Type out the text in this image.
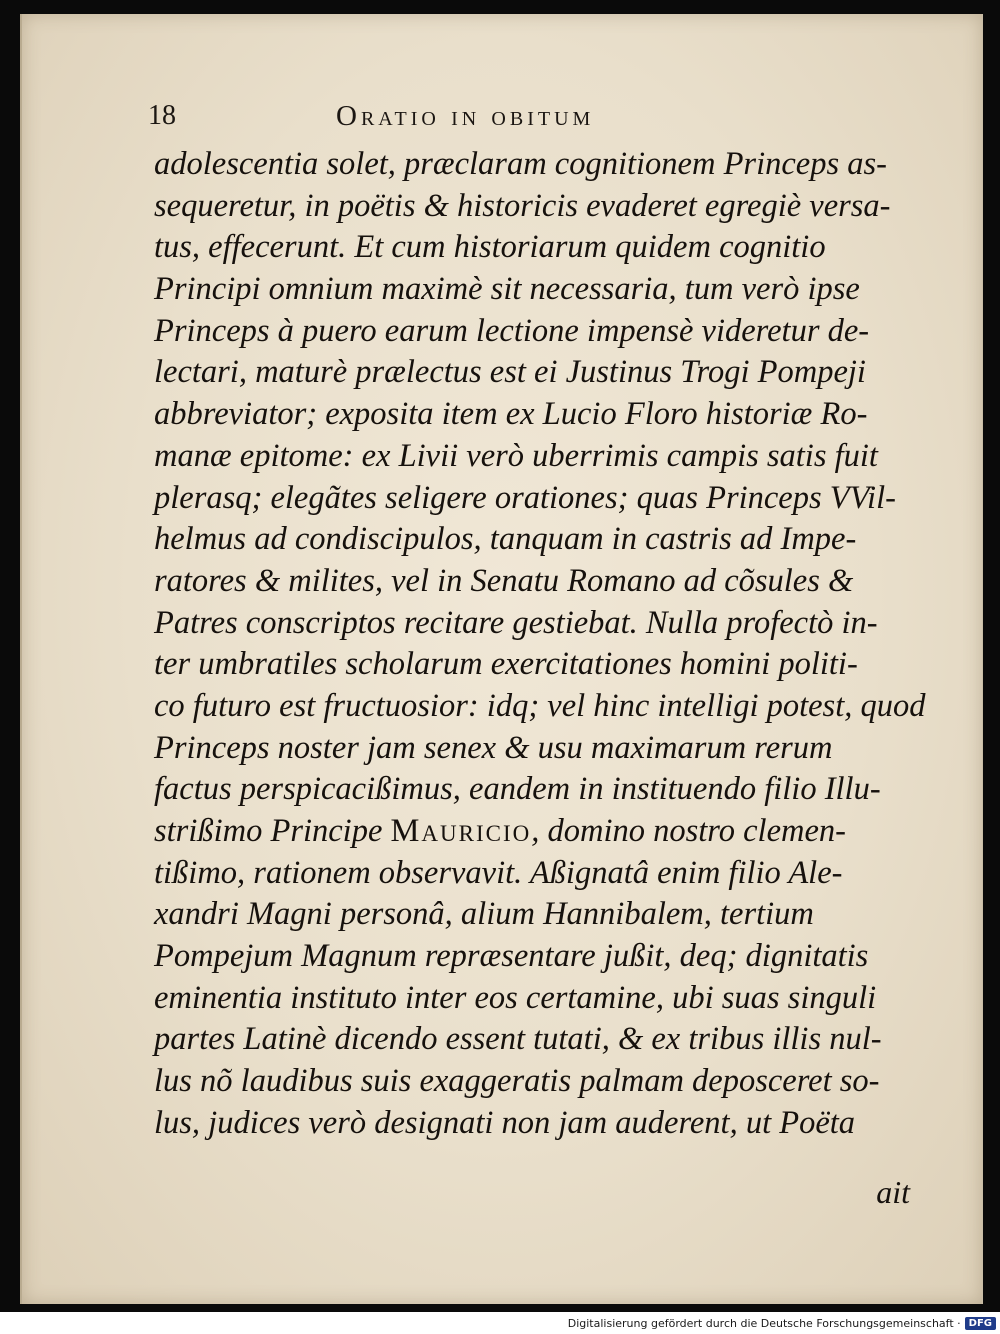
18	Oratio in obitum
adolescentia solet, præclaram cognitionem Princeps as-
sequeretur, in poëtis & historicis evaderet egregiè versa-
tus, effecerunt. Et cum historiarum quidem cognitio
Principi omnium maximè sit necessaria, tum verò ipse
Princeps à puero earum lectione impensè videretur de-
lectari, maturè prælectus est ei Justinus Trogi Pompeji
abbreviator; exposita item ex Lucio Floro historiæ Ro-
manæ epitome: ex Livii verò uberrimis campis satis fuit
plerasq; elegãtes seligere orationes; quas Princeps VVil-
helmus ad condiscipulos, tanquam in castris ad Impe-
ratores & milites, vel in Senatu Romano ad cõsules &
Patres conscriptos recitare gestiebat. Nulla profectò in-
ter umbratiles scholarum exercitationes homini politi-
co futuro est fructuosior: idq; vel hinc intelligi potest, quod
Princeps noster jam senex & usu maximarum rerum
factus perspicacißimus, eandem in instituendo filio Illu-
strißimo Principe Mauricio, domino nostro clemen-
tißimo, rationem observavit. Aßignatâ enim filio Ale-
xandri Magni personâ, alium Hannibalem, tertium
Pompejum Magnum repræsentare jußit, deq; dignitatis
eminentia instituto inter eos certamine, ubi suas singuli
partes Latinè dicendo essent tutati, & ex tribus illis nul-
lus nõ laudibus suis exaggeratis palmam deposceret so-
lus, judices verò designati non jam auderent, ut Poëta
ait
Digitalisierung gefördert durch die Deutsche Forschungsgemeinschaft · DFG
